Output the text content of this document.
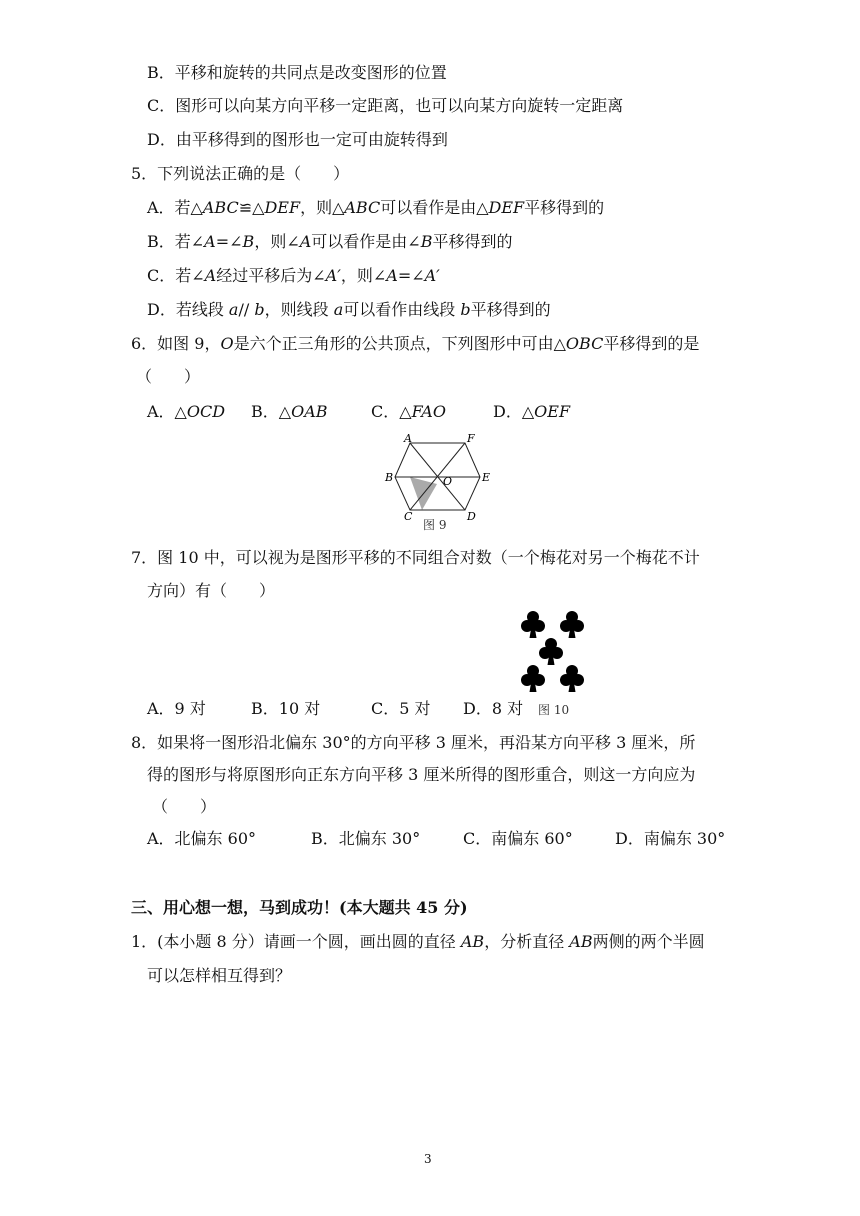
B．平移和旋转的共同点是改变图形的位置
C．图形可以向某方向平移一定距离，也可以向某方向旋转一定距离
D．由平移得到的图形也一定可由旋转得到
5．下列说法正确的是（　　）
A．若△ABC≌△DEF，则△ABC可以看作是由△DEF平移得到的
B．若∠A=∠B，则∠A可以看作是由∠B平移得到的
C．若∠A经过平移后为∠A′，则∠A=∠A′
D．若线段 a// b，则线段 a可以看作由线段 b平移得到的
6．如图 9，O是六个正三角形的公共顶点，下列图形中可由△OBC平移得到的是
（　　）
A．△OCD B．△OAB	C．△FAO	D．△OEF
A	F
B	E
O
C	D
图 9
7．图 10 中，可以视为是图形平移的不同组合对数（一个梅花对另一个梅花不计
方向）有（　　）
A．9 对	B．10 对	C．5 对 D．8 对	图 10
8．如果将一图形沿北偏东 30°的方向平移 3 厘米，再沿某方向平移 3 厘米，所
得的图形与将原图形向正东方向平移 3 厘米所得的图形重合，则这一方向应为
（　　）
A．北偏东 60°	B．北偏东 30°	C．南偏东 60°	D．南偏东 30°
三、用心想一想，马到成功！(本大题共 45 分)
1．(本小题 8 分）请画一个圆，画出圆的直径 AB，分析直径 AB两侧的两个半圆
可以怎样相互得到？
3
